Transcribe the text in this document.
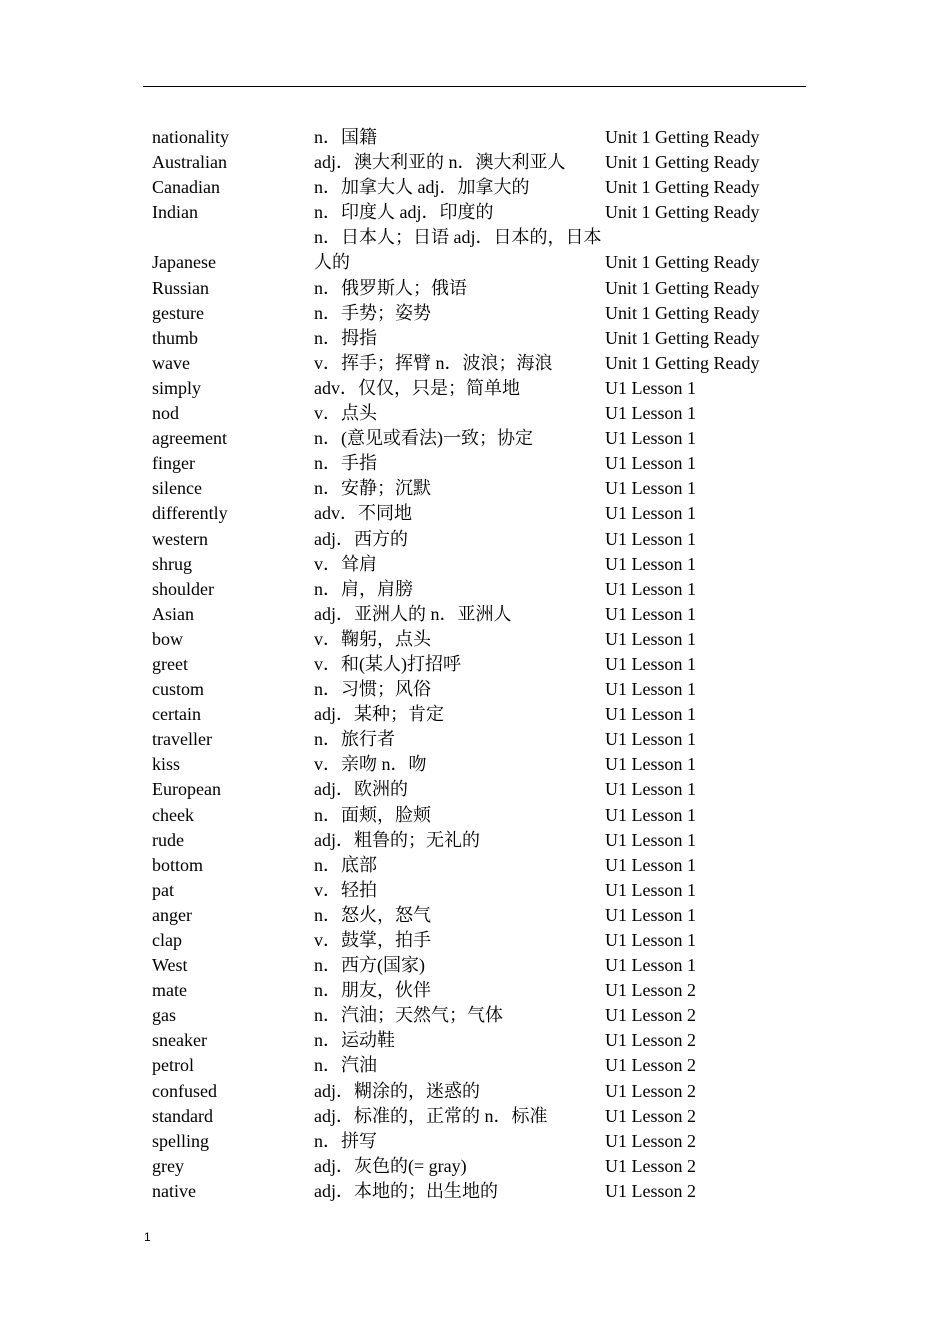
nationality	n．国籍	Unit 1 Getting Ready
Australian	adj．澳大利亚的 n．澳大利亚人	Unit 1 Getting Ready
Canadian	n．加拿大人 adj．加拿大的	Unit 1 Getting Ready
Indian	n．印度人 adj．印度的	Unit 1 Getting Ready
Japanese	n．日本人；日语 adj．日本的，日本人的	Unit 1 Getting Ready
Russian	n．俄罗斯人；俄语	Unit 1 Getting Ready
gesture	n．手势；姿势	Unit 1 Getting Ready
thumb	n．拇指	Unit 1 Getting Ready
wave	v．挥手；挥臂 n．波浪；海浪	Unit 1 Getting Ready
simply	adv．仅仅，只是；简单地	U1 Lesson 1
nod	v．点头	U1 Lesson 1
agreement	n．(意见或看法)一致；协定	U1 Lesson 1
finger	n．手指	U1 Lesson 1
silence	n．安静；沉默	U1 Lesson 1
differently	adv．不同地	U1 Lesson 1
western	adj．西方的	U1 Lesson 1
shrug	v．耸肩	U1 Lesson 1
shoulder	n．肩，肩膀	U1 Lesson 1
Asian	adj．亚洲人的 n．亚洲人	U1 Lesson 1
bow	v．鞠躬，点头	U1 Lesson 1
greet	v．和(某人)打招呼	U1 Lesson 1
custom	n．习惯；风俗	U1 Lesson 1
certain	adj．某种；肯定	U1 Lesson 1
traveller	n．旅行者	U1 Lesson 1
kiss	v．亲吻 n．吻	U1 Lesson 1
European	adj．欧洲的	U1 Lesson 1
cheek	n．面颊，脸颊	U1 Lesson 1
rude	adj．粗鲁的；无礼的	U1 Lesson 1
bottom	n．底部	U1 Lesson 1
pat	v．轻拍	U1 Lesson 1
anger	n．怒火，怒气	U1 Lesson 1
clap	v．鼓掌，拍手	U1 Lesson 1
West	n．西方(国家)	U1 Lesson 1
mate	n．朋友，伙伴	U1 Lesson 2
gas	n．汽油；天然气；气体	U1 Lesson 2
sneaker	n．运动鞋	U1 Lesson 2
petrol	n．汽油	U1 Lesson 2
confused	adj．糊涂的，迷惑的	U1 Lesson 2
standard	adj．标准的，正常的 n．标准	U1 Lesson 2
spelling	n．拼写	U1 Lesson 2
grey	adj．灰色的(= gray)	U1 Lesson 2
native	adj．本地的；出生地的	U1 Lesson 2
1
